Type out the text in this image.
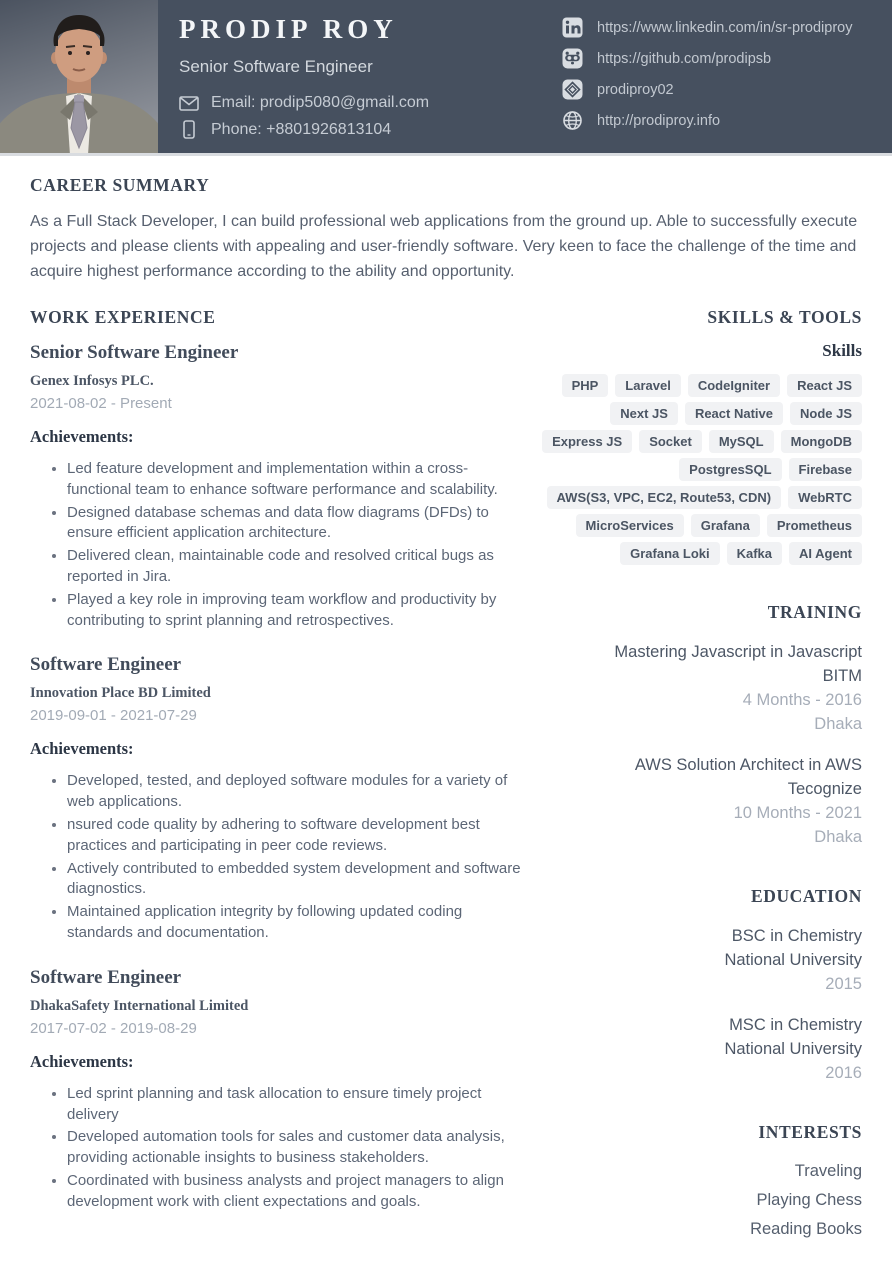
PRODIP ROY
Senior Software Engineer
Email: prodip5080@gmail.com
Phone: +8801926813104
https://www.linkedin.com/in/sr-prodiproy
https://github.com/prodipsb
prodiproy02
http://prodiproy.info
CAREER SUMMARY

As a Full Stack Developer, I can build professional web applications from the ground up. Able to successfully execute projects and please clients with appealing and user-friendly software. Very keen to face the challenge of the time and acquire highest performance according to the ability and opportunity.

WORK EXPERIENCE
Senior Software Engineer
Genex Infosys PLC.
2021-08-02 - Present
Achievements:
• Led feature development and implementation within a cross-functional team to enhance software performance and scalability.
• Designed database schemas and data flow diagrams (DFDs) to ensure efficient application architecture.
• Delivered clean, maintainable code and resolved critical bugs as reported in Jira.
• Played a key role in improving team workflow and productivity by contributing to sprint planning and retrospectives.
Software Engineer
Innovation Place BD Limited
2019-09-01 - 2021-07-29
Achievements:
• Developed, tested, and deployed software modules for a variety of web applications.
• nsured code quality by adhering to software development best practices and participating in peer code reviews.
• Actively contributed to embedded system development and software diagnostics.
• Maintained application integrity by following updated coding standards and documentation.
Software Engineer
DhakaSafety International Limited
2017-07-02 - 2019-08-29
Achievements:
• Led sprint planning and task allocation to ensure timely project delivery
• Developed automation tools for sales and customer data analysis, providing actionable insights to business stakeholders.
• Coordinated with business analysts and project managers to align development work with client expectations and goals.
SKILLS & TOOLS
Skills
PHP	Laravel	CodeIgniter	React JS
Next JS	React Native	Node JS
Express JS	Socket	MySQL	MongoDB
PostgresSQL	Firebase
AWS(S3, VPC, EC2, Route53, CDN)	WebRTC
MicroServices	Grafana	Prometheus
Grafana Loki	Kafka	AI Agent
TRAINING
Mastering Javascript in Javascript
BITM
4 Months - 2016
Dhaka
AWS Solution Architect in AWS
Tecognize
10 Months - 2021
Dhaka
EDUCATION
BSC in Chemistry
National University
2015
MSC in Chemistry
National University
2016
INTERESTS
Traveling
Playing Chess
Reading Books
